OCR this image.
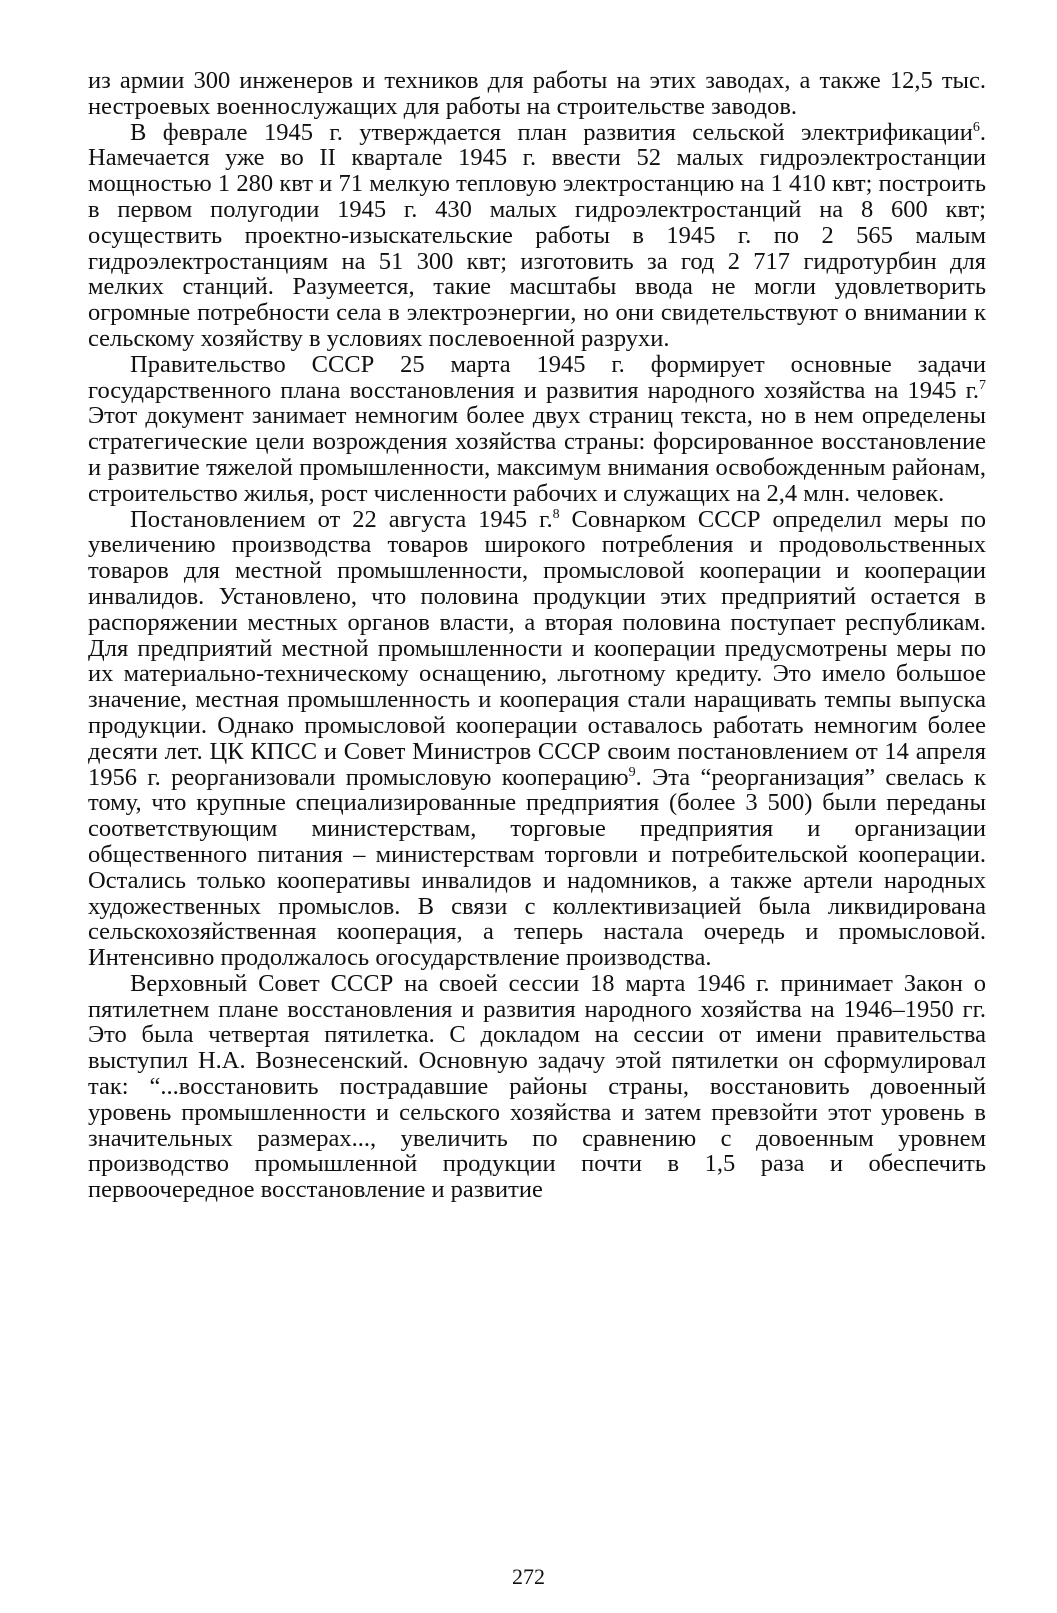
из армии 300 инженеров и техников для работы на этих заводах, а также 12,5 тыс. нестроевых военнослужащих для работы на строительстве заводов.

В феврале 1945 г. утверждается план развития сельской электрификации$^6$. Намечается уже во II квартале 1945 г. ввести 52 малых гидроэлектростанции мощностью 1 280 квт и 71 мелкую тепловую электростанцию на 1 410 квт; построить в первом полугодии 1945 г. 430 малых гидроэлектростанций на 8 600 квт; осуществить проектно-изыскательские работы в 1945 г. по 2 565 малым гидроэлектростанциям на 51 300 квт; изготовить за год 2 717 гидротурбин для мелких станций. Разумеется, такие масштабы ввода не могли удовлетворить огромные потребности села в электроэнергии, но они свидетельствуют о внимании к сельскому хозяйству в условиях послевоенной разрухи.

Правительство СССР 25 марта 1945 г. формирует основные задачи государственного плана восстановления и развития народного хозяйства на 1945 г.$^7$ Этот документ занимает немногим более двух страниц текста, но в нем определены стратегические цели возрождения хозяйства страны: форсированное восстановление и развитие тяжелой промышленности, максимум внимания освобожденным районам, строительство жилья, рост численности рабочих и служащих на 2,4 млн. человек.

Постановлением от 22 августа 1945 г.$^8$ Совнарком СССР определил меры по увеличению производства товаров широкого потребления и продовольственных товаров для местной промышленности, промысловой кооперации и кооперации инвалидов. Установлено, что половина продукции этих предприятий остается в распоряжении местных органов власти, а вторая половина поступает республикам. Для предприятий местной промышленности и кооперации предусмотрены меры по их материально-техническому оснащению, льготному кредиту. Это имело большое значение, местная промышленность и кооперация стали наращивать темпы выпуска продукции. Однако промысловой кооперации оставалось работать немногим более десяти лет. ЦК КПСС и Совет Министров СССР своим постановлением от 14 апреля 1956 г. реорганизовали промысловую кооперацию$^9$. Эта “реорганизация” свелась к тому, что крупные специализированные предприятия (более 3 500) были переданы соответствующим министерствам, торговые предприятия и организации общественного питания – министерствам торговли и потребительской кооперации. Остались только кооперативы инвалидов и надомников, а также артели народных художественных промыслов. В связи с коллективизацией была ликвидирована сельскохозяйственная кооперация, а теперь настала очередь и промысловой. Интенсивно продолжалось огосударствление производства.

Верховный Совет СССР на своей сессии 18 марта 1946 г. принимает Закон о пятилетнем плане восстановления и развития народного хозяйства на 1946–1950 гг. Это была четвертая пятилетка. С докладом на сессии от имени правительства выступил Н.А. Вознесенский. Основную задачу этой пятилетки он сформулировал так: “...восстановить пострадавшие районы страны, восстановить довоенный уровень промышленности и сельского хозяйства и затем превзойти этот уровень в значительных размерах..., увеличить по сравнению с довоенным уровнем производство промышленной продукции почти в 1,5 раза и обеспечить первоочередное восстановление и развитие

272
